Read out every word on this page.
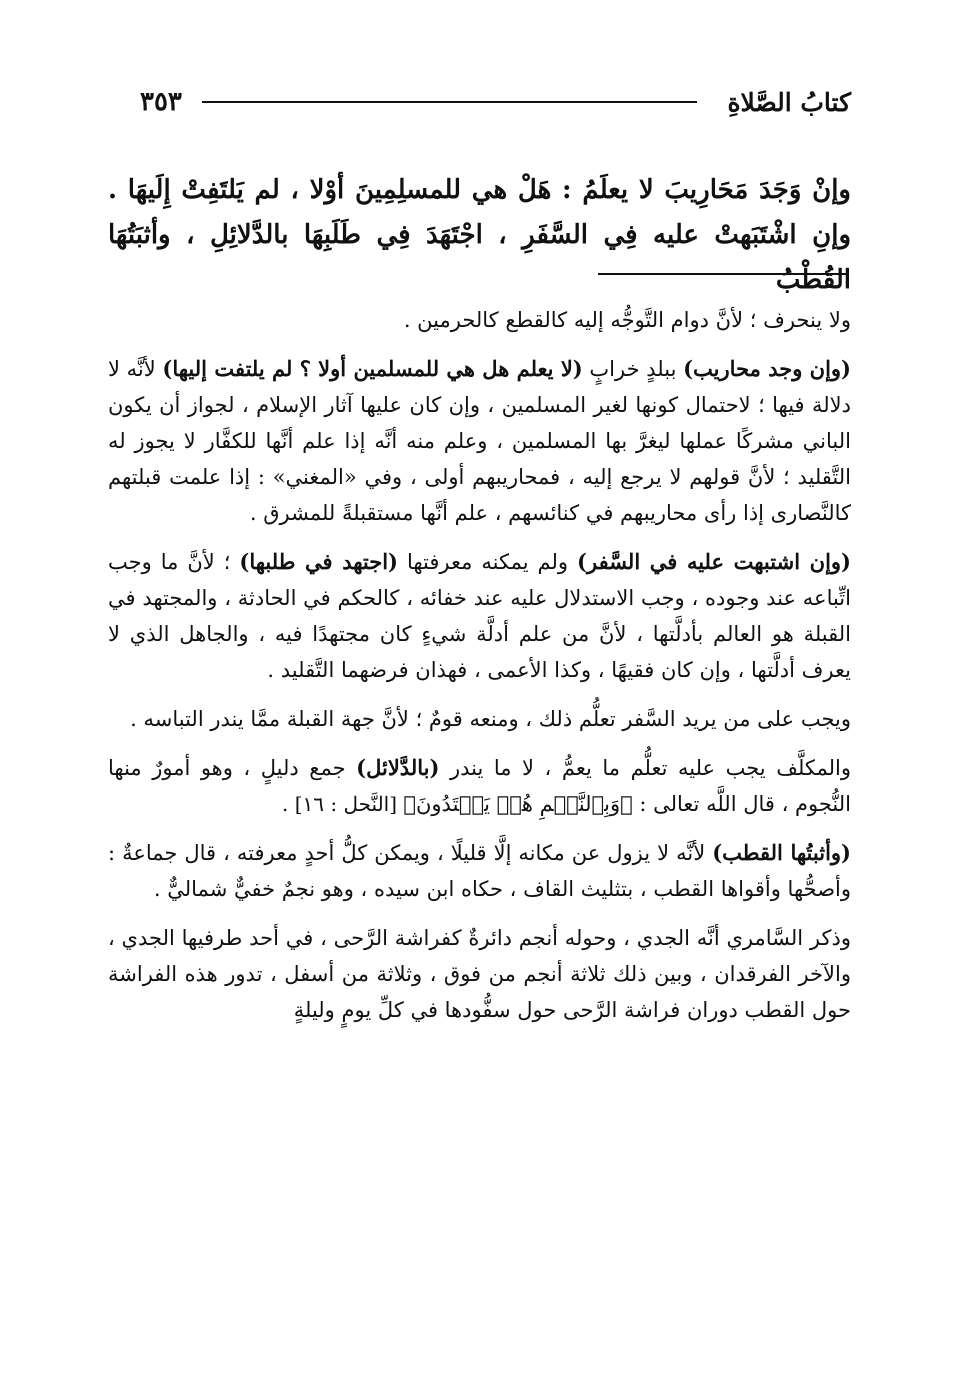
كتابُ الصَّلاةِ
٣٥٣

وإنْ وَجَدَ مَحَارِيبَ لا يعلَمُ : هَلْ هي للمسلِمِينَ أوْلا ، لم يَلتَفِتْ إِلَيهَا .

وإنِ اشْتَبَهتْ عليه فِي السَّفَرِ ، اجْتَهَدَ فِي طَلَبِهَا بالدَّلائِلِ ، وأثبَتُهَا القُطْبُ

ولا ينحرف ؛ لأنَّ دوام التَّوجُّه إليه كالقطع كالحرمين .

(وإن وجد محاريب) ببلدٍ خرابٍ (لا يعلم هل هي للمسلمين أولا ؟ لم يلتفت إليها) لأنَّه لا دلالة فيها ؛ لاحتمال كونها لغير المسلمين ، وإن كان عليها آثار الإسلام ، لجواز أن يكون الباني مشركًا عملها ليغرَّ بها المسلمين ، وعلم منه أنَّه إذا علم أنَّها للكفَّار لا يجوز له التَّقليد ؛ لأنَّ قولهم لا يرجع إليه ، فمحاريبهم أولى ، وفي «المغني» : إذا علمت قبلتهم كالنَّصارى إذا رأى محاريبهم في كنائسهم ، علم أنَّها مستقبلةً للمشرق .

(وإن اشتبهت عليه في السَّفر) ولم يمكنه معرفتها (اجتهد في طلبها) ؛ لأنَّ ما وجب اتِّباعه عند وجوده ، وجب الاستدلال عليه عند خفائه ، كالحكم في الحادثة ، والمجتهد في القبلة هو العالم بأدلَّتها ، لأنَّ من علم أدلَّة شيءٍ كان مجتهدًا فيه ، والجاهل الذي لا يعرف أدلَّتها ، وإن كان فقيهًا ، وكذا الأعمى ، فهذان فرضهما التَّقليد .

ويجب على من يريد السَّفر تعلُّم ذلك ، ومنعه قومٌ ؛ لأنَّ جهة القبلة ممَّا يندر التباسه .

والمكلَّف يجب عليه تعلُّم ما يعمُّ ، لا ما يندر (بالدَّلائل) جمع دليلٍ ، وهو أمورٌ منها النُّجوم ، قال اللَّه تعالى : ﴿وَبِٱلنَّجۡمِ هُمۡ يَهۡتَدُونَ﴾ [النَّحل : ١٦] .

(وأثبتُها القطب) لأنَّه لا يزول عن مكانه إلَّا قليلًا ، ويمكن كلُّ أحدٍ معرفته ، قال جماعةٌ : وأصحُّها وأقواها القطب ، بتثليث القاف ، حكاه ابن سيده ، وهو نجمٌ خفيٌّ شماليٌّ .

وذكر السَّامري أنَّه الجدي ، وحوله أنجم دائرةٌ كفراشة الرَّحى ، في أحد طرفيها الجدي ، والآخر الفرقدان ، وبين ذلك ثلاثة أنجم من فوق ، وثلاثة من أسفل ، تدور هذه الفراشة حول القطب دوران فراشة الرَّحى حول سفُّودها في كلِّ يومٍ وليلةٍ
